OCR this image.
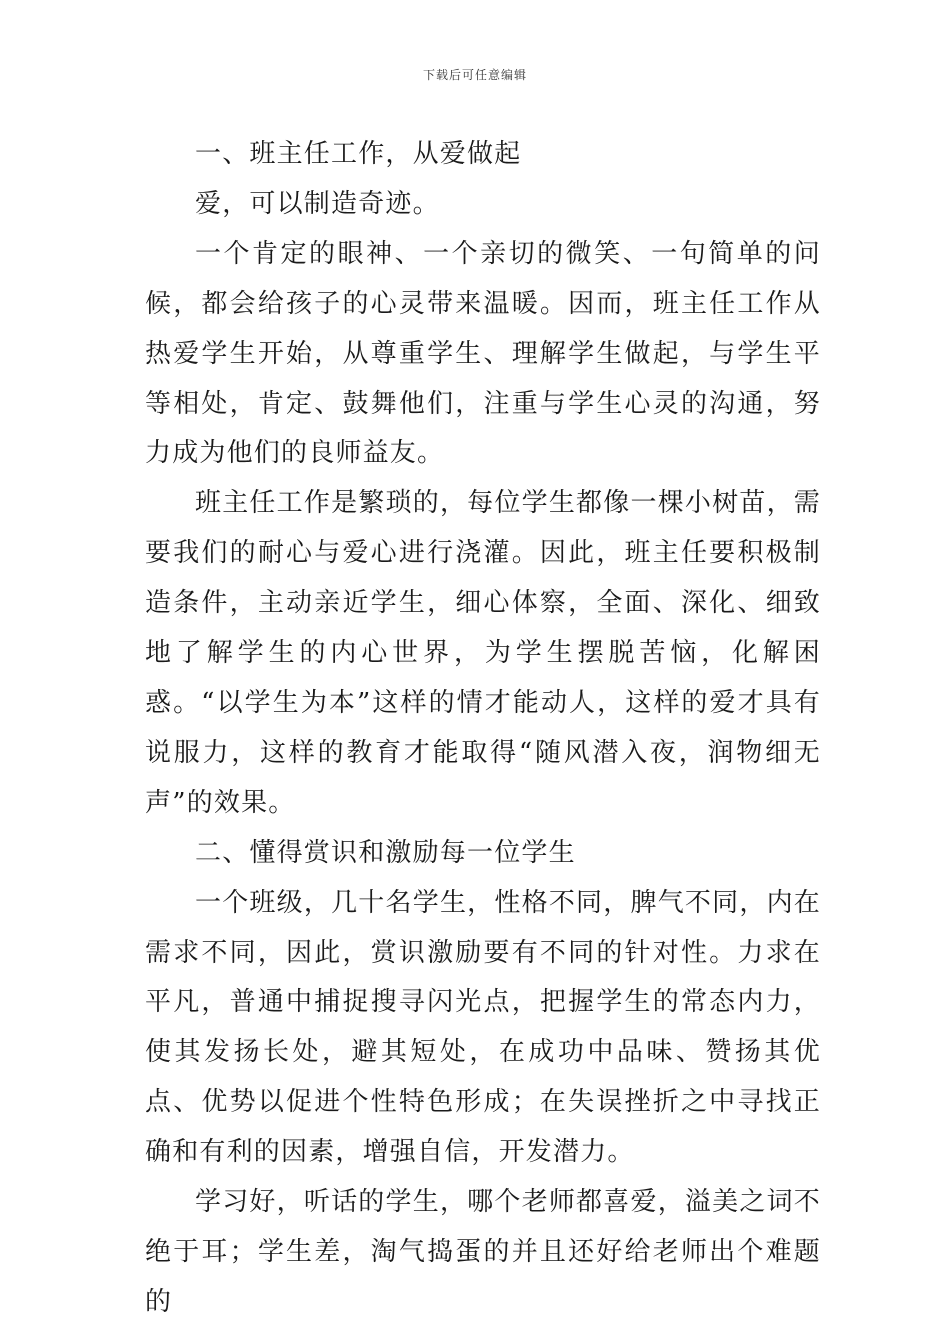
下载后可任意编辑

一、班主任工作，从爱做起

爱，可以制造奇迹。

一个肯定的眼神、一个亲切的微笑、一句简单的问候，都会给孩子的心灵带来温暖。因而，班主任工作从热爱学生开始，从尊重学生、理解学生做起，与学生平等相处，肯定、鼓舞他们，注重与学生心灵的沟通，努力成为他们的良师益友。

班主任工作是繁琐的，每位学生都像一棵小树苗，需要我们的耐心与爱心进行浇灌。因此，班主任要积极制造条件，主动亲近学生，细心体察，全面、深化、细致地了解学生的内心世界，为学生摆脱苦恼，化解困惑。“以学生为本”这样的情才能动人，这样的爱才具有说服力，这样的教育才能取得“随风潜入夜，润物细无声”的效果。

二、懂得赏识和激励每一位学生

一个班级，几十名学生，性格不同，脾气不同，内在需求不同，因此，赏识激励要有不同的针对性。力求在平凡，普通中捕捉搜寻闪光点，把握学生的常态内力，使其发扬长处，避其短处，在成功中品味、赞扬其优点、优势以促进个性特色形成；在失误挫折之中寻找正确和有利的因素，增强自信，开发潜力。

学习好，听话的学生，哪个老师都喜爱，溢美之词不绝于耳；学生差，淘气捣蛋的并且还好给老师出个难题的
